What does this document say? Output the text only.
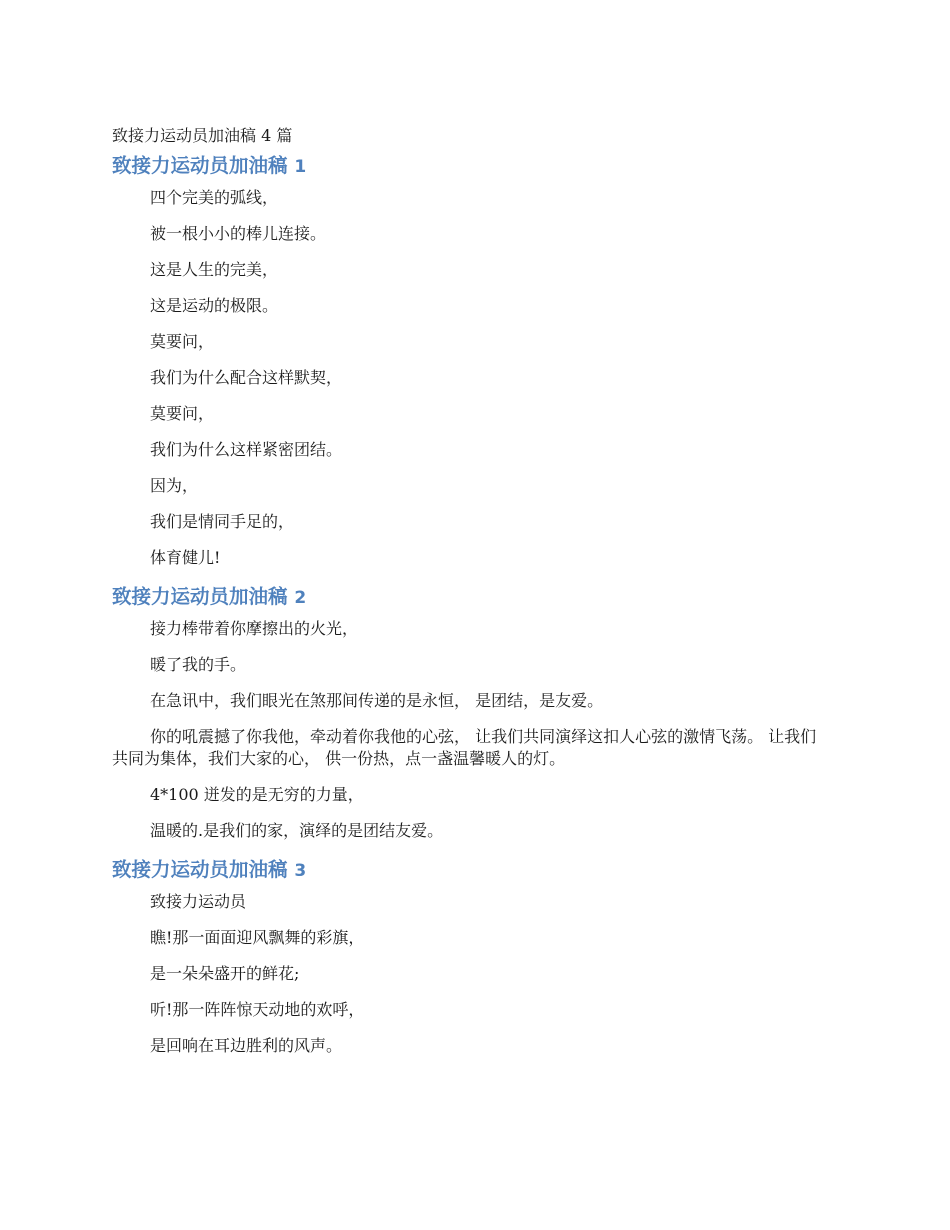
致接力运动员加油稿 4 篇
致接力运动员加油稿 1

四个完美的弧线，

被一根小小的棒儿连接。

这是人生的完美，

这是运动的极限。

莫要问，

我们为什么配合这样默契，

莫要问，

我们为什么这样紧密团结。

因为，

我们是情同手足的，

体育健儿!

致接力运动员加油稿 2

接力棒带着你摩擦出的火光，

暖了我的手。

在急讯中，我们眼光在煞那间传递的是永恒， 是团结，是友爱。

你的吼震撼了你我他，牵动着你我他的心弦， 让我们共同演绎这扣人心弦的激情飞荡。 让我们共同为集体，我们大家的心， 供一份热，点一盏温馨暖人的灯。

4*100 迸发的是无穷的力量，

温暖的.是我们的家，演绎的是团结友爱。

致接力运动员加油稿 3

致接力运动员

瞧!那一面面迎风飘舞的彩旗，

是一朵朵盛开的鲜花;

听!那一阵阵惊天动地的欢呼，

是回响在耳边胜利的风声。
